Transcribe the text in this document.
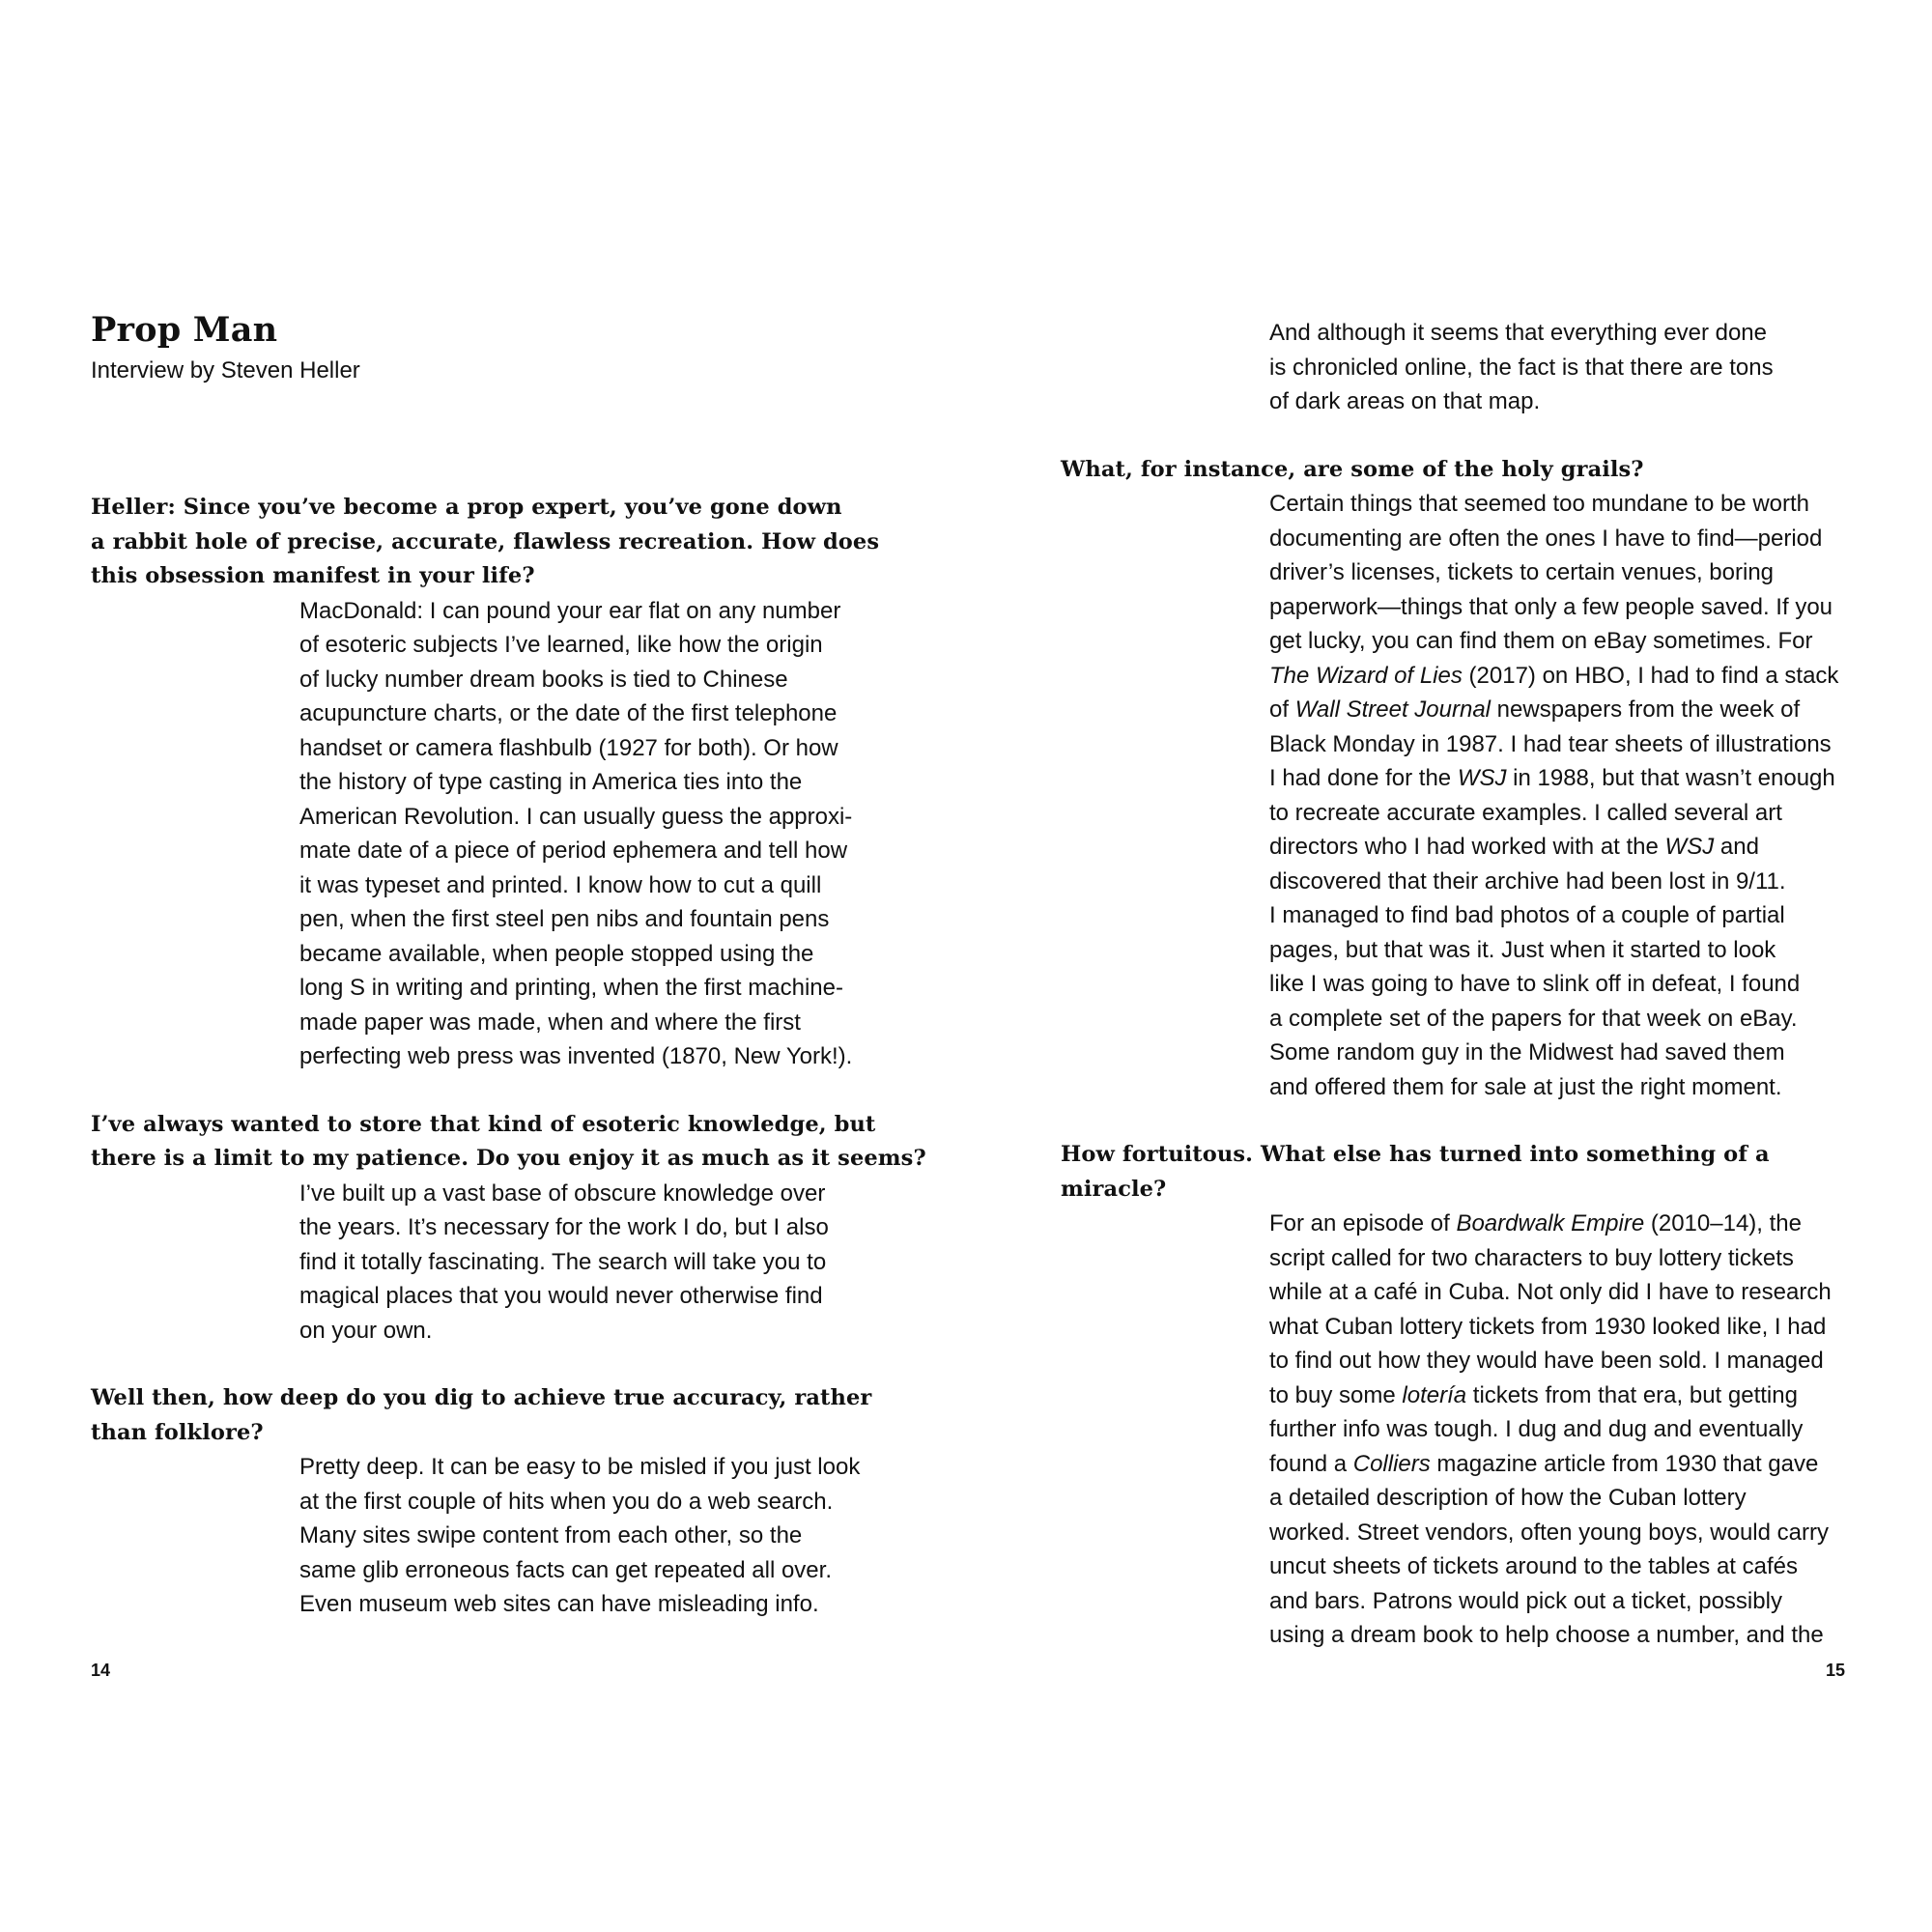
Prop Man

Interview by Steven Heller

Heller: Since you’ve become a prop expert, you’ve gone down
a rabbit hole of precise, accurate, flawless recreation. How does
this obsession manifest in your life?

MacDonald: I can pound your ear flat on any number
of esoteric subjects I’ve learned, like how the origin
of lucky number dream books is tied to Chinese
acupuncture charts, or the date of the first telephone
handset or camera flashbulb (1927 for both). Or how
the history of type casting in America ties into the
American Revolution. I can usually guess the approxi-
mate date of a piece of period ephemera and tell how
it was typeset and printed. I know how to cut a quill
pen, when the first steel pen nibs and fountain pens
became available, when people stopped using the
long S in writing and printing, when the first machine-
made paper was made, when and where the first
perfecting web press was invented (1870, New York!).

I’ve always wanted to store that kind of esoteric knowledge, but
there is a limit to my patience. Do you enjoy it as much as it seems?

I’ve built up a vast base of obscure knowledge over
the years. It’s necessary for the work I do, but I also
find it totally fascinating. The search will take you to
magical places that you would never otherwise find
on your own.

Well then, how deep do you dig to achieve true accuracy, rather
than folklore?

Pretty deep. It can be easy to be misled if you just look
at the first couple of hits when you do a web search.
Many sites swipe content from each other, so the
same glib erroneous facts can get repeated all over.
Even museum web sites can have misleading info.

14

And although it seems that everything ever done
is chronicled online, the fact is that there are tons
of dark areas on that map.

What, for instance, are some of the holy grails?

Certain things that seemed too mundane to be worth
documenting are often the ones I have to find—period
driver’s licenses, tickets to certain venues, boring
paperwork—things that only a few people saved. If you
get lucky, you can find them on eBay sometimes. For
The Wizard of Lies (2017) on HBO, I had to find a stack
of Wall Street Journal newspapers from the week of
Black Monday in 1987. I had tear sheets of illustrations
I had done for the WSJ in 1988, but that wasn’t enough
to recreate accurate examples. I called several art
directors who I had worked with at the WSJ and
discovered that their archive had been lost in 9/11.
I managed to find bad photos of a couple of partial
pages, but that was it. Just when it started to look
like I was going to have to slink off in defeat, I found
a complete set of the papers for that week on eBay.
Some random guy in the Midwest had saved them
and offered them for sale at just the right moment.

How fortuitous. What else has turned into something of a miracle?

For an episode of Boardwalk Empire (2010–14), the
script called for two characters to buy lottery tickets
while at a café in Cuba. Not only did I have to research
what Cuban lottery tickets from 1930 looked like, I had
to find out how they would have been sold. I managed
to buy some lotería tickets from that era, but getting
further info was tough. I dug and dug and eventually
found a Colliers magazine article from 1930 that gave
a detailed description of how the Cuban lottery
worked. Street vendors, often young boys, would carry
uncut sheets of tickets around to the tables at cafés
and bars. Patrons would pick out a ticket, possibly
using a dream book to help choose a number, and the

15
